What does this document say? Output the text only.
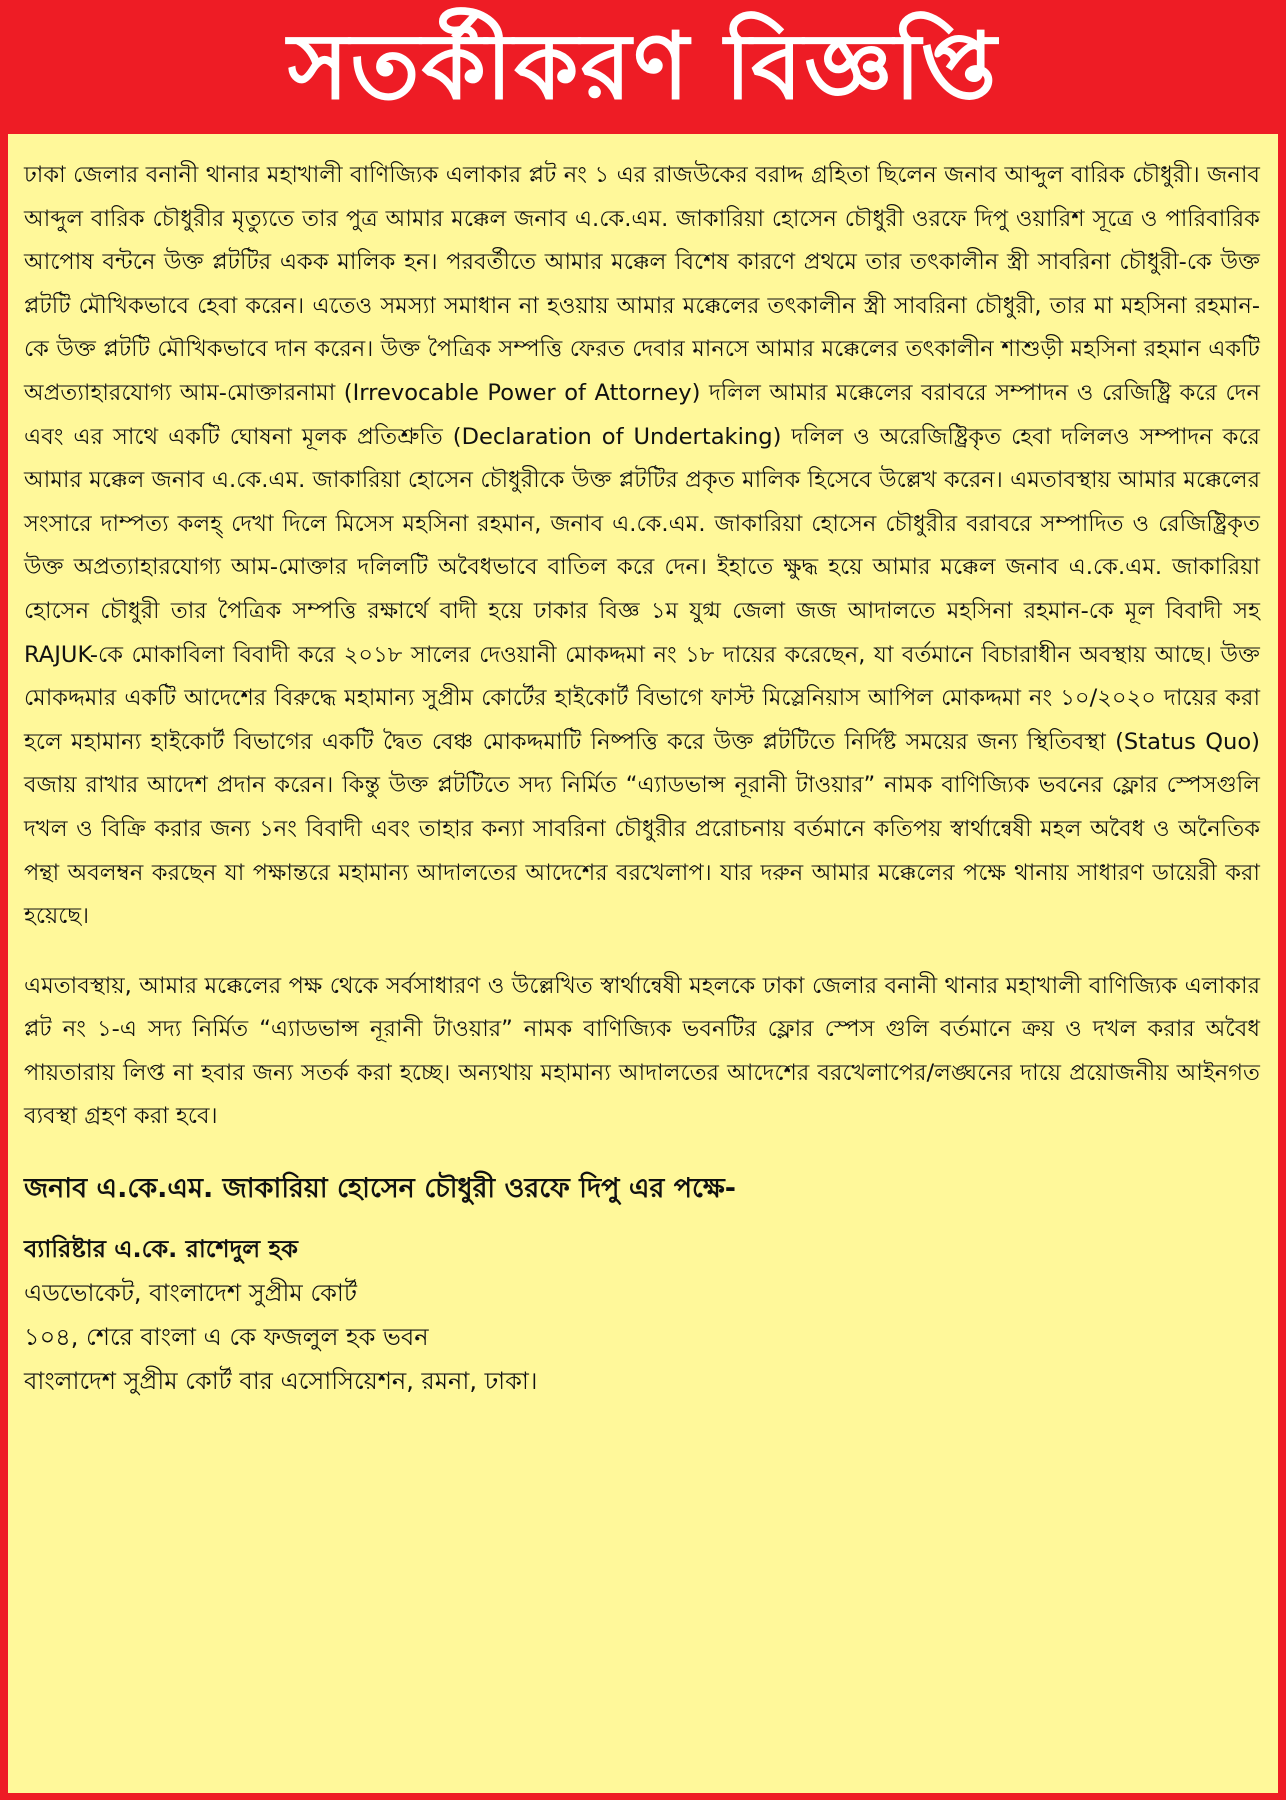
সতর্কীকরণ বিজ্ঞপ্তি

ঢাকা জেলার বনানী থানার মহাখালী বাণিজ্যিক এলাকার প্লট নং ১ এর রাজউকের বরাদ্দ গ্রহিতা ছিলেন জনাব আব্দুল বারিক চৌধুরী। জনাব আব্দুল বারিক চৌধুরীর মৃত্যুতে তার পুত্র আমার মক্কেল জনাব এ.কে.এম. জাকারিয়া হোসেন চৌধুরী ওরফে দিপু ওয়ারিশ সূত্রে ও পারিবারিক আপোষ বন্টনে উক্ত প্লটটির একক মালিক হন। পরবর্তীতে আমার মক্কেল বিশেষ কারণে প্রথমে তার তৎকালীন স্ত্রী সাবরিনা চৌধুরী-কে উক্ত প্লটটি মৌখিকভাবে হেবা করেন। এতেও সমস্যা সমাধান না হওয়ায় আমার মক্কেলের তৎকালীন স্ত্রী সাবরিনা চৌধুরী, তার মা মহসিনা রহমান-কে উক্ত প্লটটি মৌখিকভাবে দান করেন। উক্ত পৈত্রিক সম্পত্তি ফেরত দেবার মানসে আমার মক্কেলের তৎকালীন শাশুড়ী মহসিনা রহমান একটি অপ্রত্যাহারযোগ্য আম-মোক্তারনামা (Irrevocable Power of Attorney) দলিল আমার মক্কেলের বরাবরে সম্পাদন ও রেজিষ্ট্রি করে দেন এবং এর সাথে একটি ঘোষনা মূলক প্রতিশ্রুতি (Declaration of Undertaking) দলিল ও অরেজিষ্ট্রিকৃত হেবা দলিলও সম্পাদন করে আমার মক্কেল জনাব এ.কে.এম. জাকারিয়া হোসেন চৌধুরীকে উক্ত প্লটটির প্রকৃত মালিক হিসেবে উল্লেখ করেন। এমতাবস্থায় আমার মক্কেলের সংসারে দাম্পত্য কলহ্ দেখা দিলে মিসেস মহসিনা রহমান, জনাব এ.কে.এম. জাকারিয়া হোসেন চৌধুরীর বরাবরে সম্পাদিত ও রেজিষ্ট্রিকৃত উক্ত অপ্রত্যাহারযোগ্য আম-মোক্তার দলিলটি অবৈধভাবে বাতিল করে দেন। ইহাতে ক্ষুদ্ধ হয়ে আমার মক্কেল জনাব এ.কে.এম. জাকারিয়া হোসেন চৌধুরী তার পৈত্রিক সম্পত্তি রক্ষার্থে বাদী হয়ে ঢাকার বিজ্ঞ ১ম যুগ্ম জেলা জজ আদালতে মহসিনা রহমান-কে মূল বিবাদী সহ RAJUK-কে মোকাবিলা বিবাদী করে ২০১৮ সালের দেওয়ানী মোকদ্দমা নং ১৮ দায়ের করেছেন, যা বর্তমানে বিচারাধীন অবস্থায় আছে। উক্ত মোকদ্দমার একটি আদেশের বিরুদ্ধে মহামান্য সুপ্রীম কোর্টের হাইকোর্ট বিভাগে ফাস্ট মিস্লেনিয়াস আপিল মোকদ্দমা নং ১০/২০২০ দায়ের করা হলে মহামান্য হাইকোর্ট বিভাগের একটি দ্বৈত বেঞ্চ মোকদ্দমাটি নিষ্পত্তি করে উক্ত প্লটটিতে নির্দিষ্ট সময়ের জন্য স্থিতিবস্থা (Status Quo) বজায় রাখার আদেশ প্রদান করেন। কিন্তু উক্ত প্লটটিতে সদ্য নির্মিত “এ্যাডভান্স নূরানী টাওয়ার” নামক বাণিজ্যিক ভবনের ফ্লোর স্পেসগুলি দখল ও বিক্রি করার জন্য ১নং বিবাদী এবং তাহার কন্যা সাবরিনা চৌধুরীর প্ররোচনায় বর্তমানে কতিপয় স্বার্থান্বেষী মহল অবৈধ ও অনৈতিক পন্থা অবলম্বন করছেন যা পক্ষান্তরে মহামান্য আদালতের আদেশের বরখেলাপ। যার দরুন আমার মক্কেলের পক্ষে থানায় সাধারণ ডায়েরী করা হয়েছে।

এমতাবস্থায়, আমার মক্কেলের পক্ষ থেকে সর্বসাধারণ ও উল্লেখিত স্বার্থান্বেষী মহলকে ঢাকা জেলার বনানী থানার মহাখালী বাণিজ্যিক এলাকার প্লট নং ১-এ সদ্য নির্মিত “এ্যাডভান্স নূরানী টাওয়ার” নামক বাণিজ্যিক ভবনটির ফ্লোর স্পেস গুলি বর্তমানে ক্রয় ও দখল করার অবৈধ পায়তারায় লিপ্ত না হবার জন্য সতর্ক করা হচ্ছে। অন্যথায় মহামান্য আদালতের আদেশের বরখেলাপের/লঙ্ঘনের দায়ে প্রয়োজনীয় আইনগত ব্যবস্থা গ্রহণ করা হবে।

জনাব এ.কে.এম. জাকারিয়া হোসেন চৌধুরী ওরফে দিপু এর পক্ষে-

ব্যারিষ্টার এ.কে. রাশেদুল হক
এডভোকেট, বাংলাদেশ সুপ্রীম কোর্ট
১০৪, শেরে বাংলা এ কে ফজলুল হক ভবন
বাংলাদেশ সুপ্রীম কোর্ট বার এসোসিয়েশন, রমনা, ঢাকা।
